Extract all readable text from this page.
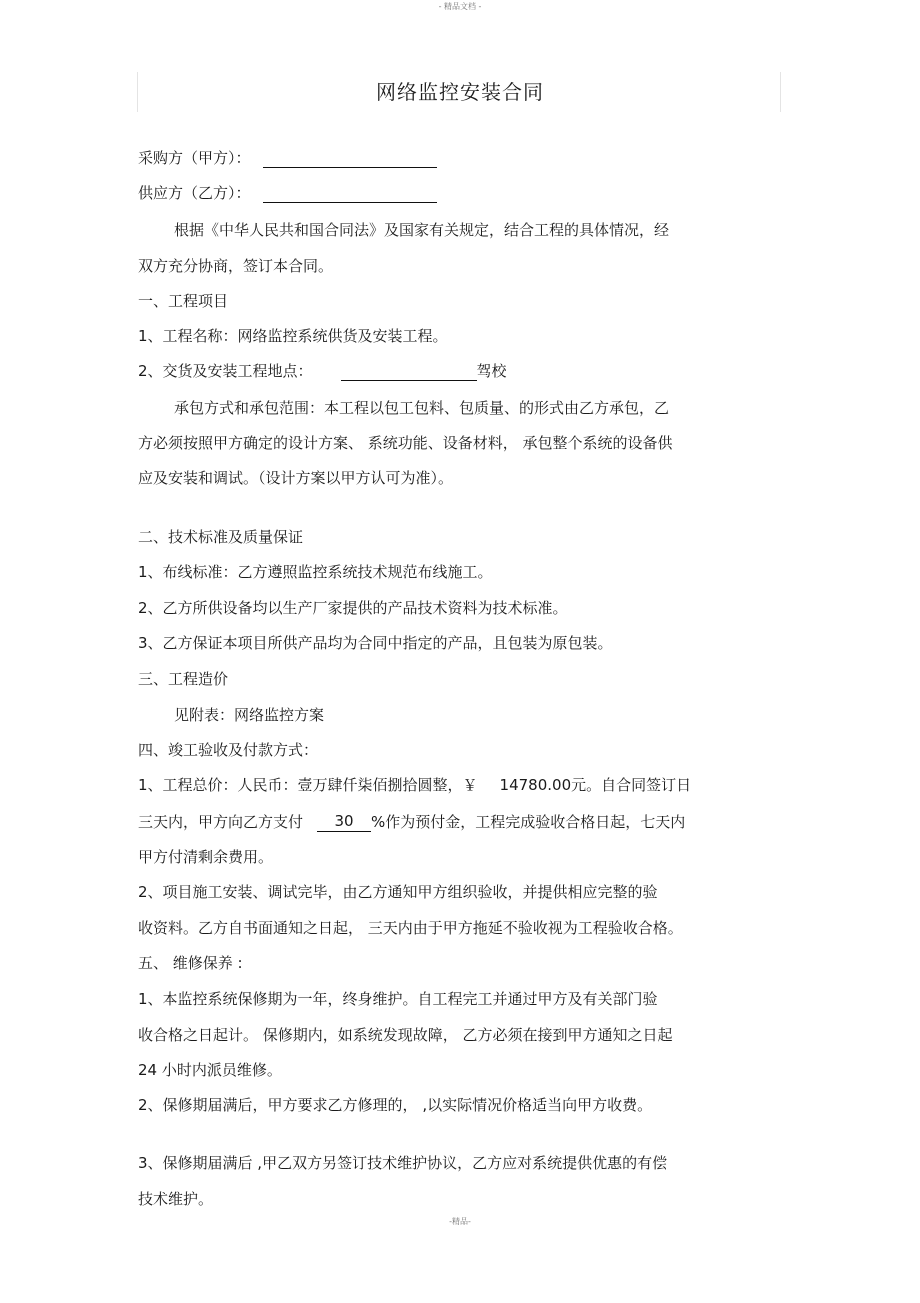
- 精品文档 -
网络监控安装合同
采购方（甲方）：
供应方（乙方）：
根据《中华人民共和国合同法》及国家有关规定，结合工程的具体情况，经
双方充分协商，签订本合同。
一、工程项目
1、工程名称：网络监控系统供货及安装工程。
2、交货及安装工程地点：	驾校
承包方式和承包范围：本工程以包工包料、包质量、的形式由乙方承包，乙
方必须按照甲方确定的设计方案、 系统功能、设备材料， 承包整个系统的设备供
应及安装和调试。（设计方案以甲方认可为准）。
二、技术标准及质量保证
1、布线标准：乙方遵照监控系统技术规范布线施工。
2、乙方所供设备均以生产厂家提供的产品技术资料为技术标准。
3、乙方保证本项目所供产品均为合同中指定的产品，且包装为原包装。
三、工程造价
见附表：网络监控方案
四、竣工验收及付款方式：
1、工程总价：人民币：壹万肆仟柒佰捌拾圆整，￥ 14780.00元。自合同签订日
三天内，甲方向乙方支付 30 %作为预付金，工程完成验收合格日起，七天内
甲方付清剩余费用。
2、项目施工安装、调试完毕，由乙方通知甲方组织验收，并提供相应完整的验
收资料。乙方自书面通知之日起， 三天内由于甲方拖延不验收视为工程验收合格。
五、 维修保养 :
1、本监控系统保修期为一年，终身维护。自工程完工并通过甲方及有关部门验
收合格之日起计。 保修期内，如系统发现故障， 乙方必须在接到甲方通知之日起
24 小时内派员维修。
2、保修期届满后，甲方要求乙方修理的， ,以实际情况价格适当向甲方收费。
3、保修期届满后 ,甲乙双方另签订技术维护协议，乙方应对系统提供优惠的有偿
技术维护。
-精品-
